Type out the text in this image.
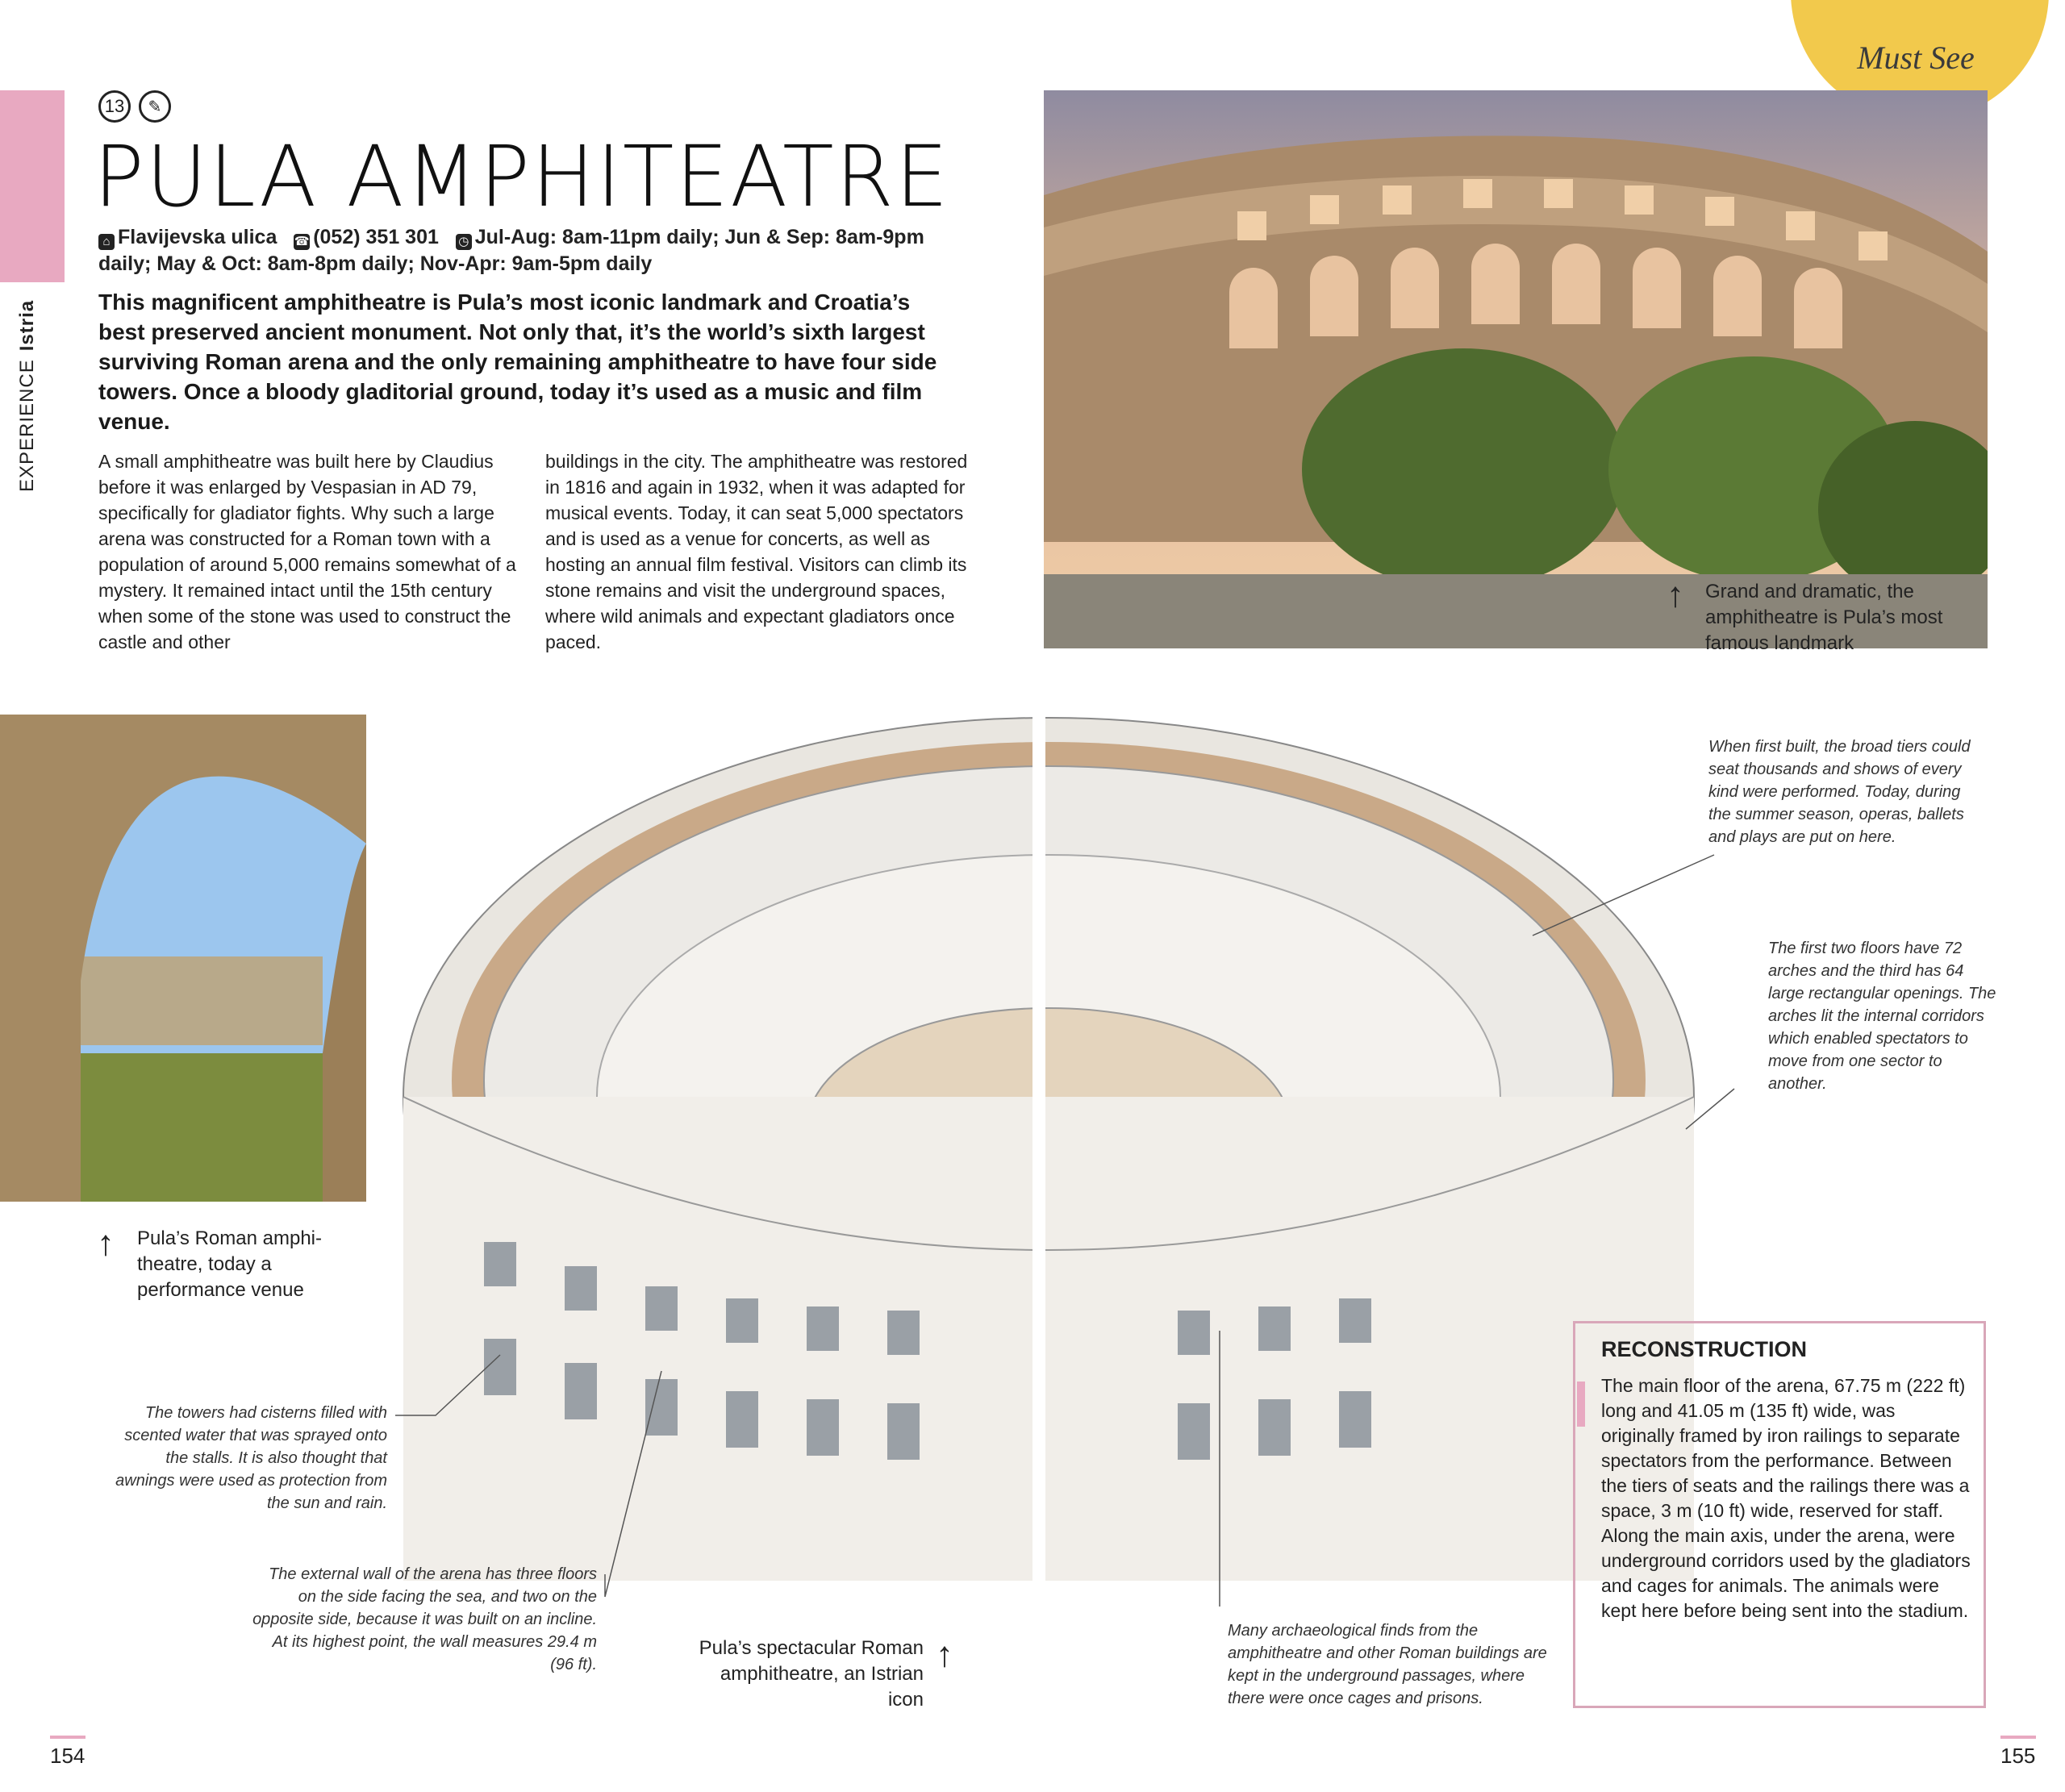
EXPERIENCEIstria
Must See
13	✎
PULA AMPHITEATRE
⌂ Flavijevska ulica ☎ (052) 351 301 ◷ Jul-Aug: 8am-11pm daily; Jun & Sep: 8am-9pm daily; May & Oct: 8am-8pm daily; Nov-Apr: 9am-5pm daily
This magnificent amphitheatre is Pula’s most iconic landmark and Croatia’s best preserved ancient monument. Not only that, it’s the world’s sixth largest surviving Roman arena and the only remaining amphitheatre to have four side towers. Once a bloody gladitorial ground, today it’s used as a music and film venue.
A small amphitheatre was built here by Claudius before it was enlarged by Vespasian in AD 79, specifically for gladiator fights. Why such a large arena was constructed for a Roman town with a population of around 5,000 remains somewhat of a mystery. It remained intact until the 15th century when some of the stone was used to construct the castle and other
buildings in the city. The amphitheatre was restored in 1816 and again in 1932, when it was adapted for musical events. Today, it can seat 5,000 spectators and is used as a venue for concerts, as well as hosting an annual film festival. Visitors can climb its stone remains and visit the underground spaces, where wild animals and expectant gladiators once paced.
↑ Grand and dramatic, the amphitheatre is Pula’s most famous landmark
↑ Pula’s Roman amphi-theatre, today a performance venue
When first built, the broad tiers could seat thousands and shows of every kind were performed. Today, during the summer season, operas, ballets and plays are put on here.
The first two floors have 72 arches and the third has 64 large rectangular openings. The arches lit the internal corridors which enabled spectators to move from one sector to another.
The towers had cisterns filled with scented water that was sprayed onto the stalls. It is also thought that awnings were used as protection from the sun and rain.
The external wall of the arena has three floors on the side facing the sea, and two on the opposite side, because it was built on an incline. At its highest point, the wall measures 29.4 m (96 ft).
Many archaeological finds from the amphitheatre and other Roman buildings are kept in the underground passages, where there were once cages and prisons.
Pula’s spectacular Roman amphitheatre, an Istrian icon
↑
RECONSTRUCTION
The main floor of the arena, 67.75 m (222 ft) long and 41.05 m (135 ft) wide, was originally framed by iron railings to separate spectators from the performance. Between the tiers of seats and the railings there was a space, 3 m (10 ft) wide, reserved for staff. Along the main axis, under the arena, were underground corridors used by the gladiators and cages for animals. The animals were kept here before being sent into the stadium.
154	155
